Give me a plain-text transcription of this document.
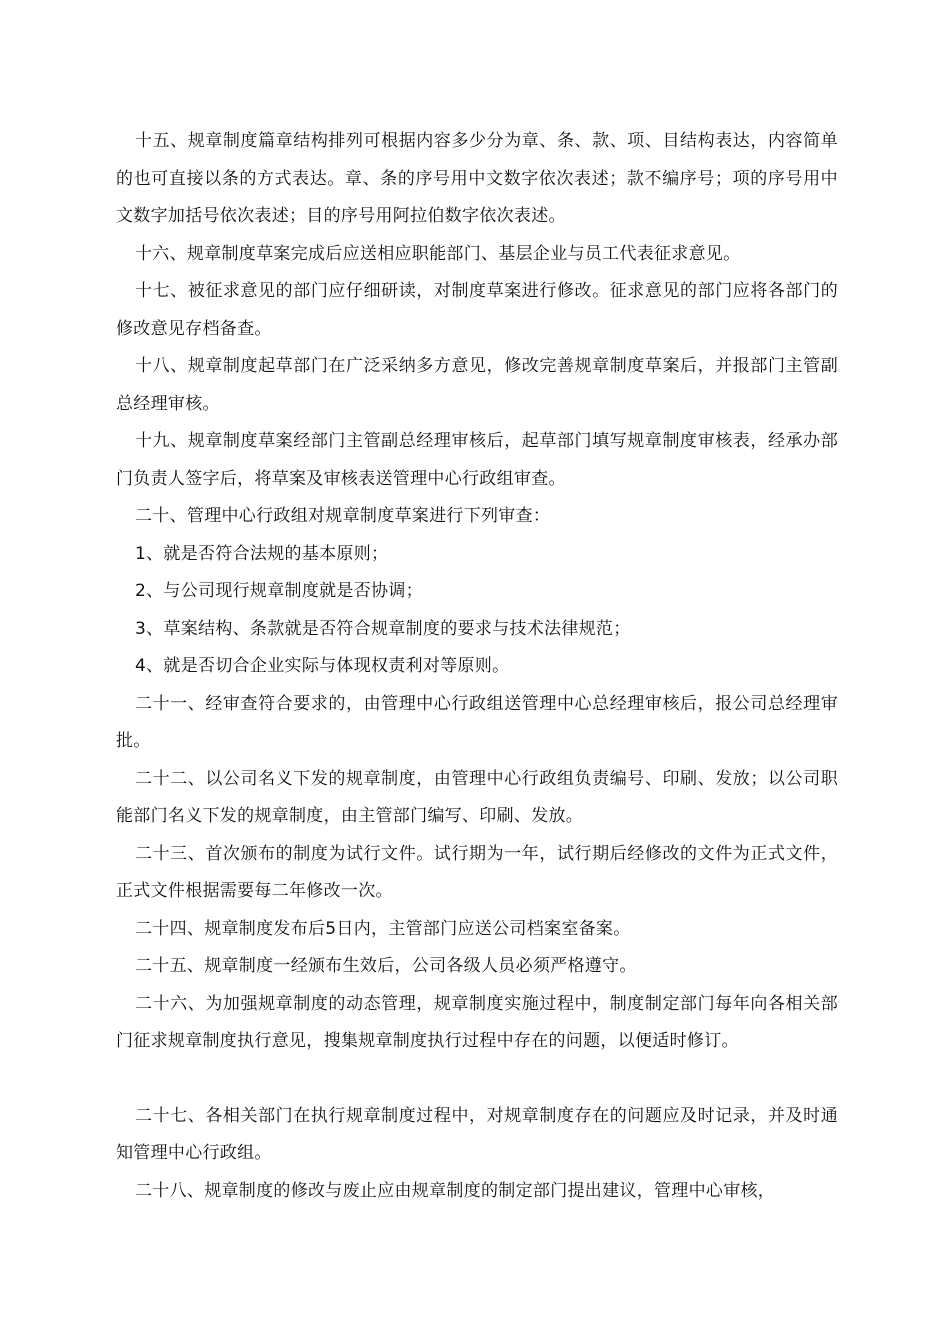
十五、规章制度篇章结构排列可根据内容多少分为章、条、款、项、目结构表达，内容简单的也可直接以条的方式表达。章、条的序号用中文数字依次表述；款不编序号；项的序号用中文数字加括号依次表述；目的序号用阿拉伯数字依次表述。

十六、规章制度草案完成后应送相应职能部门、基层企业与员工代表征求意见。

十七、被征求意见的部门应仔细研读，对制度草案进行修改。征求意见的部门应将各部门的修改意见存档备查。

十八、规章制度起草部门在广泛采纳多方意见，修改完善规章制度草案后，并报部门主管副总经理审核。

十九、规章制度草案经部门主管副总经理审核后，起草部门填写规章制度审核表，经承办部门负责人签字后，将草案及审核表送管理中心行政组审查。

二十、管理中心行政组对规章制度草案进行下列审查：

1、就是否符合法规的基本原则；

2、与公司现行规章制度就是否协调；

3、草案结构、条款就是否符合规章制度的要求与技术法律规范；

4、就是否切合企业实际与体现权责利对等原则。

二十一、经审查符合要求的，由管理中心行政组送管理中心总经理审核后，报公司总经理审批。

二十二、以公司名义下发的规章制度，由管理中心行政组负责编号、印刷、发放；以公司职能部门名义下发的规章制度，由主管部门编写、印刷、发放。

二十三、首次颁布的制度为试行文件。试行期为一年，试行期后经修改的文件为正式文件，正式文件根据需要每二年修改一次。

二十四、规章制度发布后5日内，主管部门应送公司档案室备案。

二十五、规章制度一经颁布生效后，公司各级人员必须严格遵守。

二十六、为加强规章制度的动态管理，规章制度实施过程中，制度制定部门每年向各相关部门征求规章制度执行意见，搜集规章制度执行过程中存在的问题，以便适时修订。

二十七、各相关部门在执行规章制度过程中，对规章制度存在的问题应及时记录，并及时通知管理中心行政组。

二十八、规章制度的修改与废止应由规章制度的制定部门提出建议，管理中心审核，
